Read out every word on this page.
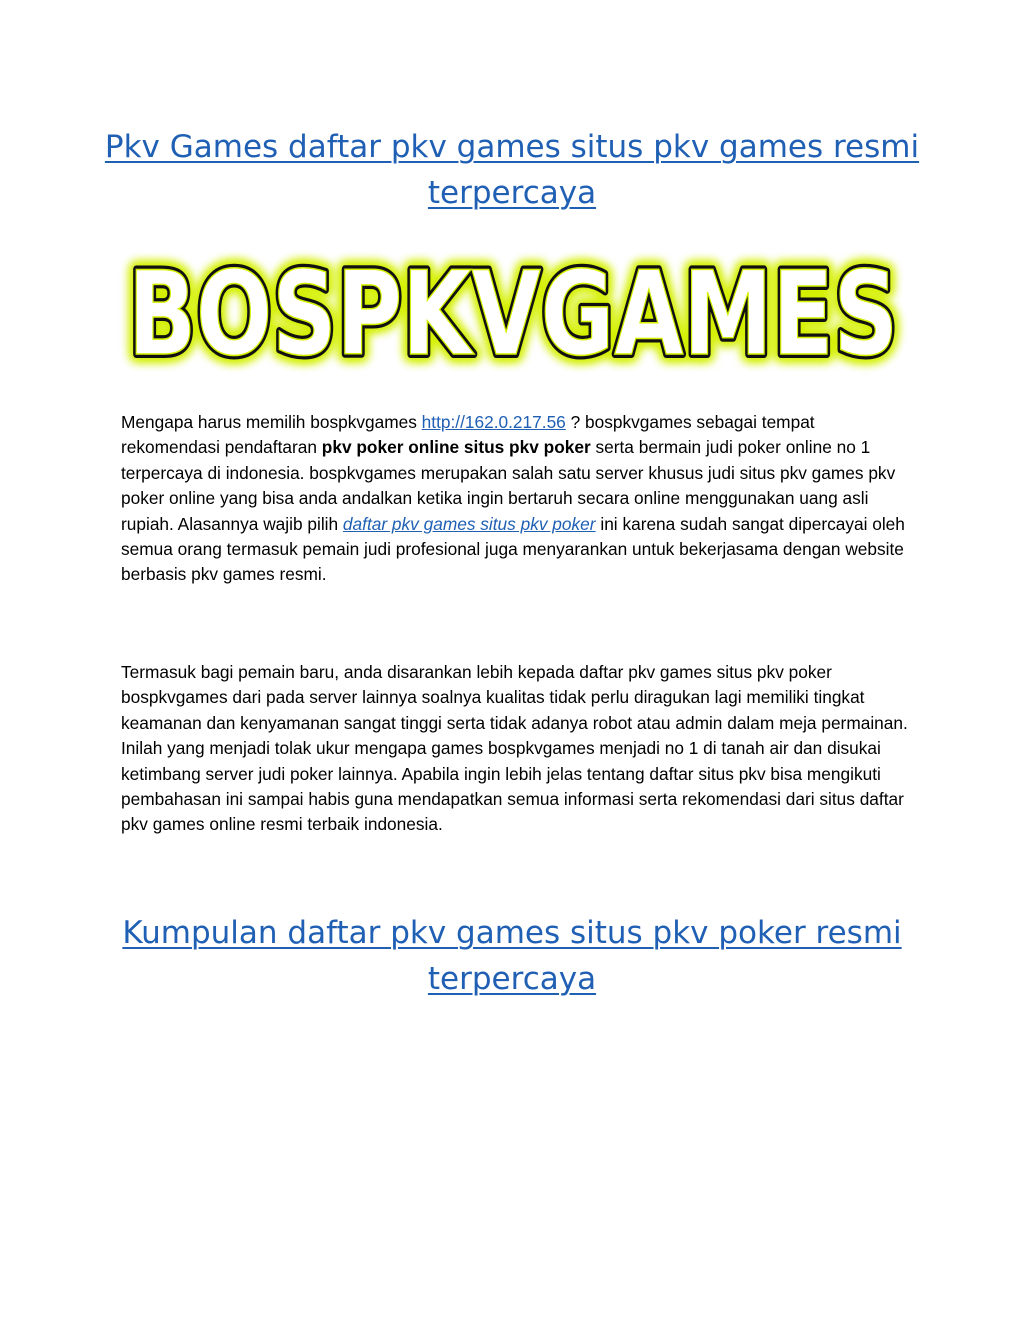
Pkv Games daftar pkv games situs pkv games resmi terpercaya
BOSPKVGAMES
BOSPKVGAMES
BOSPKVGAMES

Mengapa harus memilih bospkvgames http://162.0.217.56 ? bospkvgames sebagai tempat rekomendasi pendaftaran pkv poker online situs pkv poker serta bermain judi poker online no 1 terpercaya di indonesia. bospkvgames merupakan salah satu server khusus judi situs pkv games pkv poker online yang bisa anda andalkan ketika ingin bertaruh secara online menggunakan uang asli rupiah. Alasannya wajib pilih daftar pkv games situs pkv poker ini karena sudah sangat dipercayai oleh semua orang termasuk pemain judi profesional juga menyarankan untuk bekerjasama dengan website berbasis pkv games resmi.

Termasuk bagi pemain baru, anda disarankan lebih kepada daftar pkv games situs pkv poker bospkvgames dari pada server lainnya soalnya kualitas tidak perlu diragukan lagi memiliki tingkat keamanan dan kenyamanan sangat tinggi serta tidak adanya robot atau admin dalam meja permainan. Inilah yang menjadi tolak ukur mengapa games bospkvgames menjadi no 1 di tanah air dan disukai ketimbang server judi poker lainnya. Apabila ingin lebih jelas tentang daftar situs pkv bisa mengikuti pembahasan ini sampai habis guna mendapatkan semua informasi serta rekomendasi dari situs daftar pkv games online resmi terbaik indonesia.

Kumpulan daftar pkv games situs pkv poker resmi terpercaya
